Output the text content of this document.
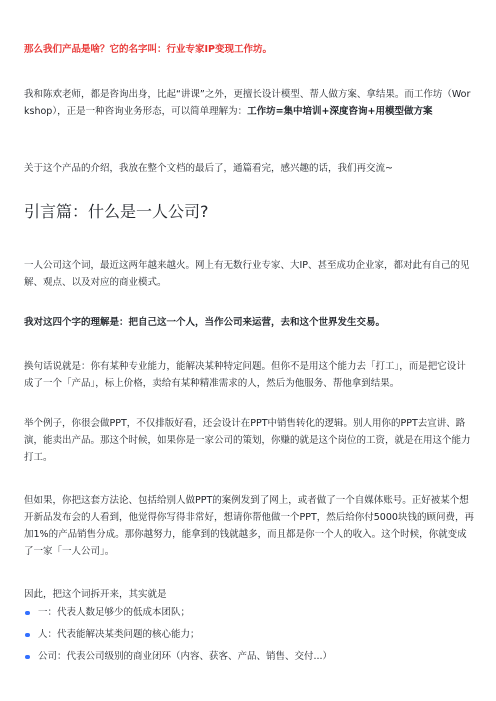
那么我们产品是啥？它的名字叫：行业专家IP变现工作坊。

我和陈欢老师，都是咨询出身，比起“讲课”之外，更擅长设计模型、帮人做方案、拿结果。而工作坊（Workshop），正是一种咨询业务形态，可以简单理解为：工作坊=集中培训+深度咨询+用模型做方案

关于这个产品的介绍，我放在整个文档的最后了，通篇看完，感兴趣的话，我们再交流~

引言篇：什么是一人公司?

一人公司这个词，最近这两年越来越火。网上有无数行业专家、大IP、甚至成功企业家，都对此有自己的见解、观点、以及对应的商业模式。

我对这四个字的理解是：把自己这一个人，当作公司来运营，去和这个世界发生交易。

换句话说就是：你有某种专业能力，能解决某种特定问题。但你不是用这个能力去「打工」，而是把它设计成了一个「产品」，标上价格，卖给有某种精准需求的人，然后为他服务、帮他拿到结果。

举个例子，你很会做PPT，不仅排版好看，还会设计在PPT中销售转化的逻辑。别人用你的PPT去宣讲、路演，能卖出产品。那这个时候，如果你是一家公司的策划，你赚的就是这个岗位的工资，就是在用这个能力打工。

但如果，你把这套方法论、包括给别人做PPT的案例发到了网上，或者做了一个自媒体账号。正好被某个想开新品发布会的人看到，他觉得你写得非常好，想请你帮他做一个PPT，然后给你付5000块钱的顾问费，再加1%的产品销售分成。那你越努力，能拿到的钱就越多，而且都是你一个人的收入。这个时候，你就变成了一家「一人公司」。

因此，把这个词拆开来，其实就是

一：代表人数足够少的低成本团队；
人：代表能解决某类问题的核心能力；
公司：代表公司级别的商业闭环（内容、获客、产品、销售、交付...）
